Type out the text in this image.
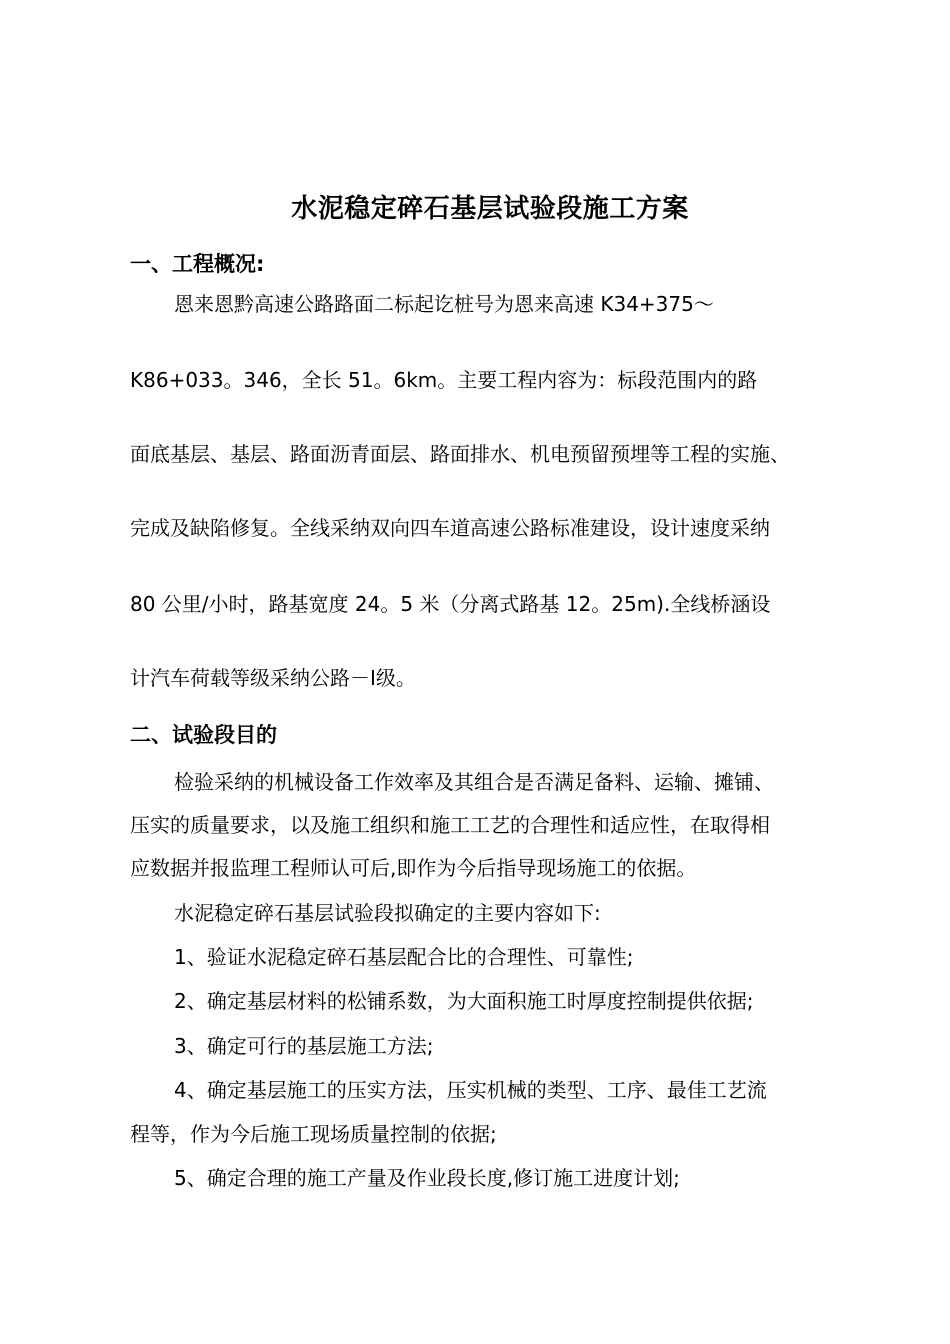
水泥稳定碎石基层试验段施工方案
一、工程概况:
恩来恩黔高速公路路面二标起讫桩号为恩来高速 K34+375～
K86+033。346，全长 51。6km。主要工程内容为：标段范围内的路
面底基层、基层、路面沥青面层、路面排水、机电预留预埋等工程的实施、
完成及缺陷修复。全线采纳双向四车道高速公路标准建设，设计速度采纳
80 公里/小时，路基宽度 24。5 米（分离式路基 12。25m).全线桥涵设
计汽车荷载等级采纳公路－Ⅰ级。
二、试验段目的
检验采纳的机械设备工作效率及其组合是否满足备料、运输、摊铺、
压实的质量要求，以及施工组织和施工工艺的合理性和适应性，在取得相
应数据并报监理工程师认可后,即作为今后指导现场施工的依据。
水泥稳定碎石基层试验段拟确定的主要内容如下:
1、验证水泥稳定碎石基层配合比的合理性、可靠性;
2、确定基层材料的松铺系数，为大面积施工时厚度控制提供依据;
3、确定可行的基层施工方法;
4、确定基层施工的压实方法，压实机械的类型、工序、最佳工艺流
程等，作为今后施工现场质量控制的依据;
5、确定合理的施工产量及作业段长度,修订施工进度计划;
